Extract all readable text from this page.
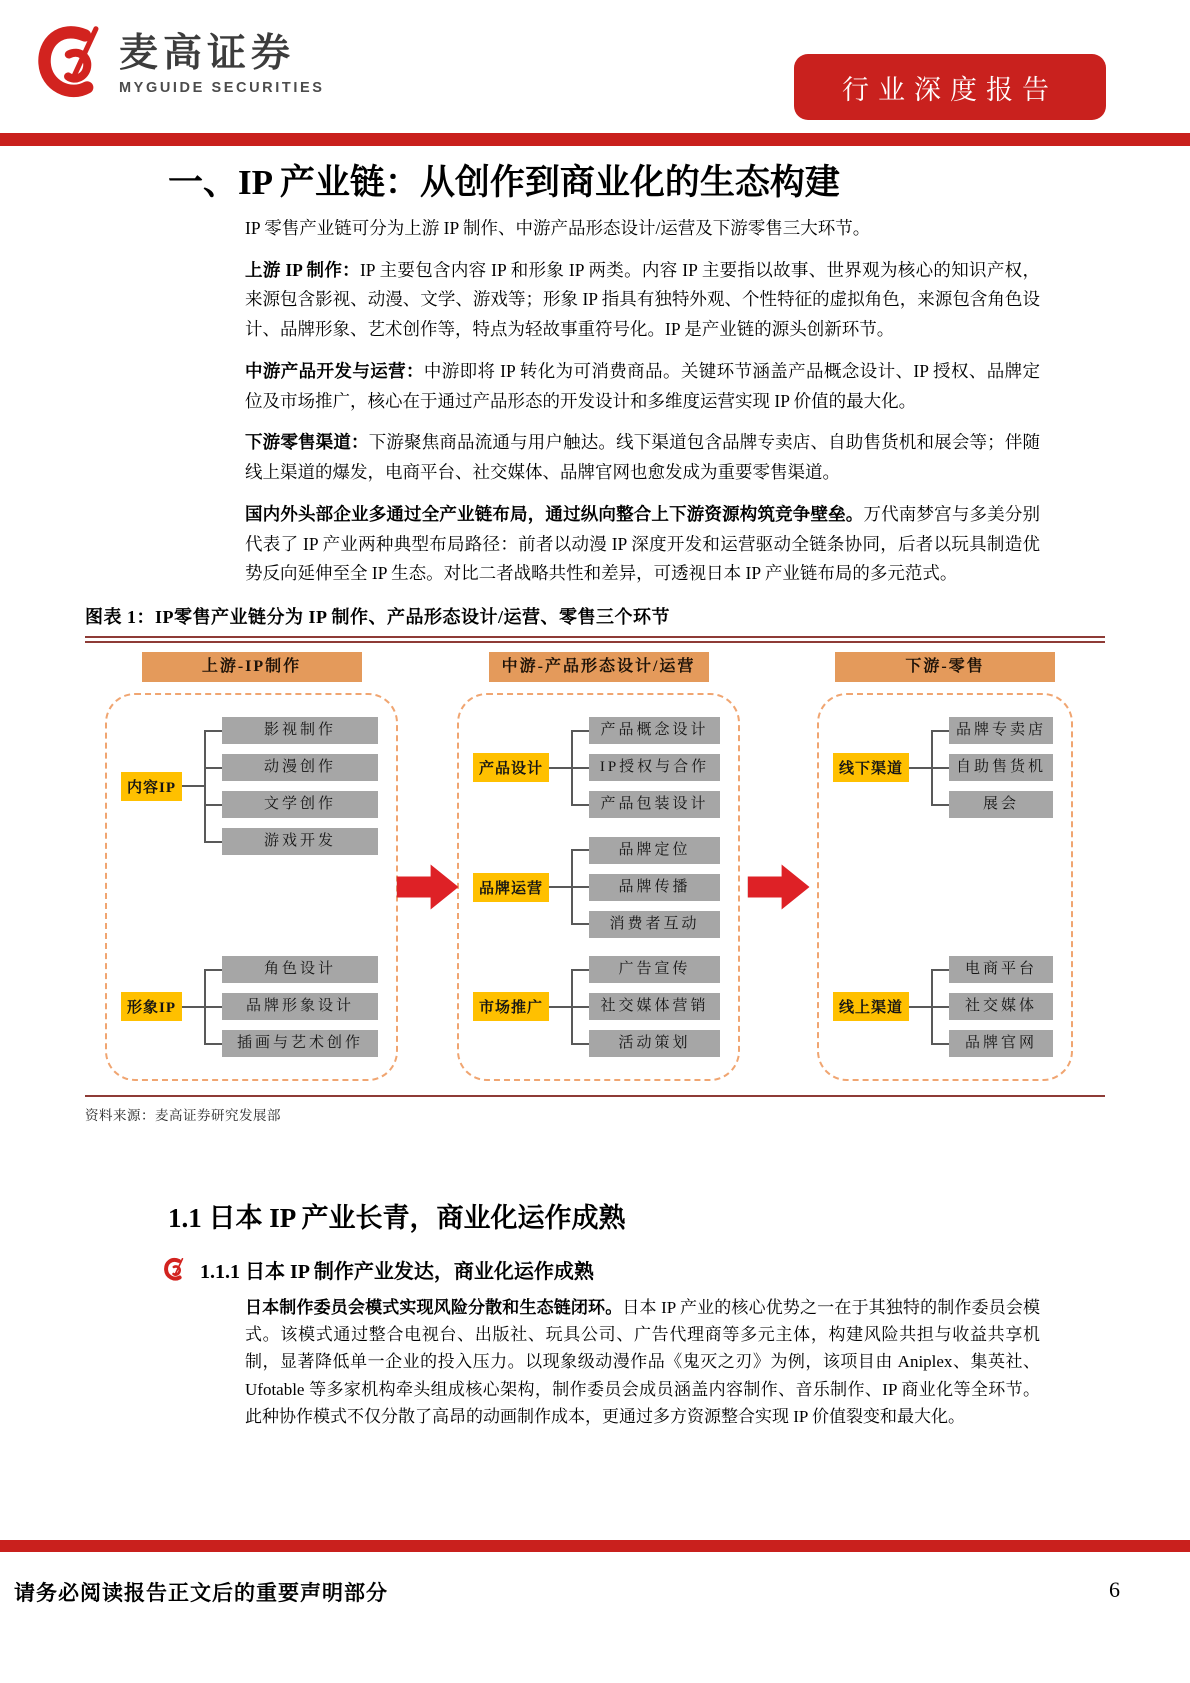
麦高证券
MYGUIDE SECURITIES	行业深度报告
一、IP 产业链：从创作到商业化的生态构建

IP 零售产业链可分为上游 IP 制作、中游产品形态设计/运营及下游零售三大环节。

上游 IP 制作：IP 主要包含内容 IP 和形象 IP 两类。内容 IP 主要指以故事、世界观为核心的知识产权，来源包含影视、动漫、文学、游戏等；形象 IP 指具有独特外观、个性特征的虚拟角色，来源包含角色设计、品牌形象、艺术创作等，特点为轻故事重符号化。IP 是产业链的源头创新环节。

中游产品开发与运营：中游即将 IP 转化为可消费商品。关键环节涵盖产品概念设计、IP 授权、品牌定位及市场推广，核心在于通过产品形态的开发设计和多维度运营实现 IP 价值的最大化。

下游零售渠道：下游聚焦商品流通与用户触达。线下渠道包含品牌专卖店、自助售货机和展会等；伴随线上渠道的爆发，电商平台、社交媒体、品牌官网也愈发成为重要零售渠道。

国内外头部企业多通过全产业链布局，通过纵向整合上下游资源构筑竞争壁垒。万代南梦宫与多美分别代表了 IP 产业两种典型布局路径：前者以动漫 IP 深度开发和运营驱动全链条协同，后者以玩具制造优势反向延伸至全 IP 生态。对比二者战略共性和差异，可透视日本 IP 产业链布局的多元范式。

图表 1：IP零售产业链分为 IP 制作、产品形态设计/运营、零售三个环节
上游-IP制作
内容IP
影视制作
动漫创作
文学创作
游戏开发
形象IP
角色设计
品牌形象设计
插画与艺术创作
中游-产品形态设计/运营
产品设计
产品概念设计
IP授权与合作
产品包装设计
品牌运营
品牌定位
品牌传播
消费者互动
市场推广
广告宣传
社交媒体营销
活动策划
下游-零售
线下渠道
品牌专卖店
自助售货机
展会
线上渠道
电商平台
社交媒体
品牌官网
资料来源：麦高证券研究发展部
1.1 日本 IP 产业长青，商业化运作成熟
1.1.1 日本 IP 制作产业发达，商业化运作成熟

日本制作委员会模式实现风险分散和生态链闭环。日本 IP 产业的核心优势之一在于其独特的制作委员会模式。该模式通过整合电视台、出版社、玩具公司、广告代理商等多元主体，构建风险共担与收益共享机制，显著降低单一企业的投入压力。以现象级动漫作品《鬼灭之刃》为例，该项目由 Aniplex、集英社、Ufotable 等多家机构牵头组成核心架构，制作委员会成员涵盖内容制作、音乐制作、IP 商业化等全环节。此种协作模式不仅分散了高昂的动画制作成本，更通过多方资源整合实现 IP 价值裂变和最大化。

请务必阅读报告正文后的重要声明部分	6
